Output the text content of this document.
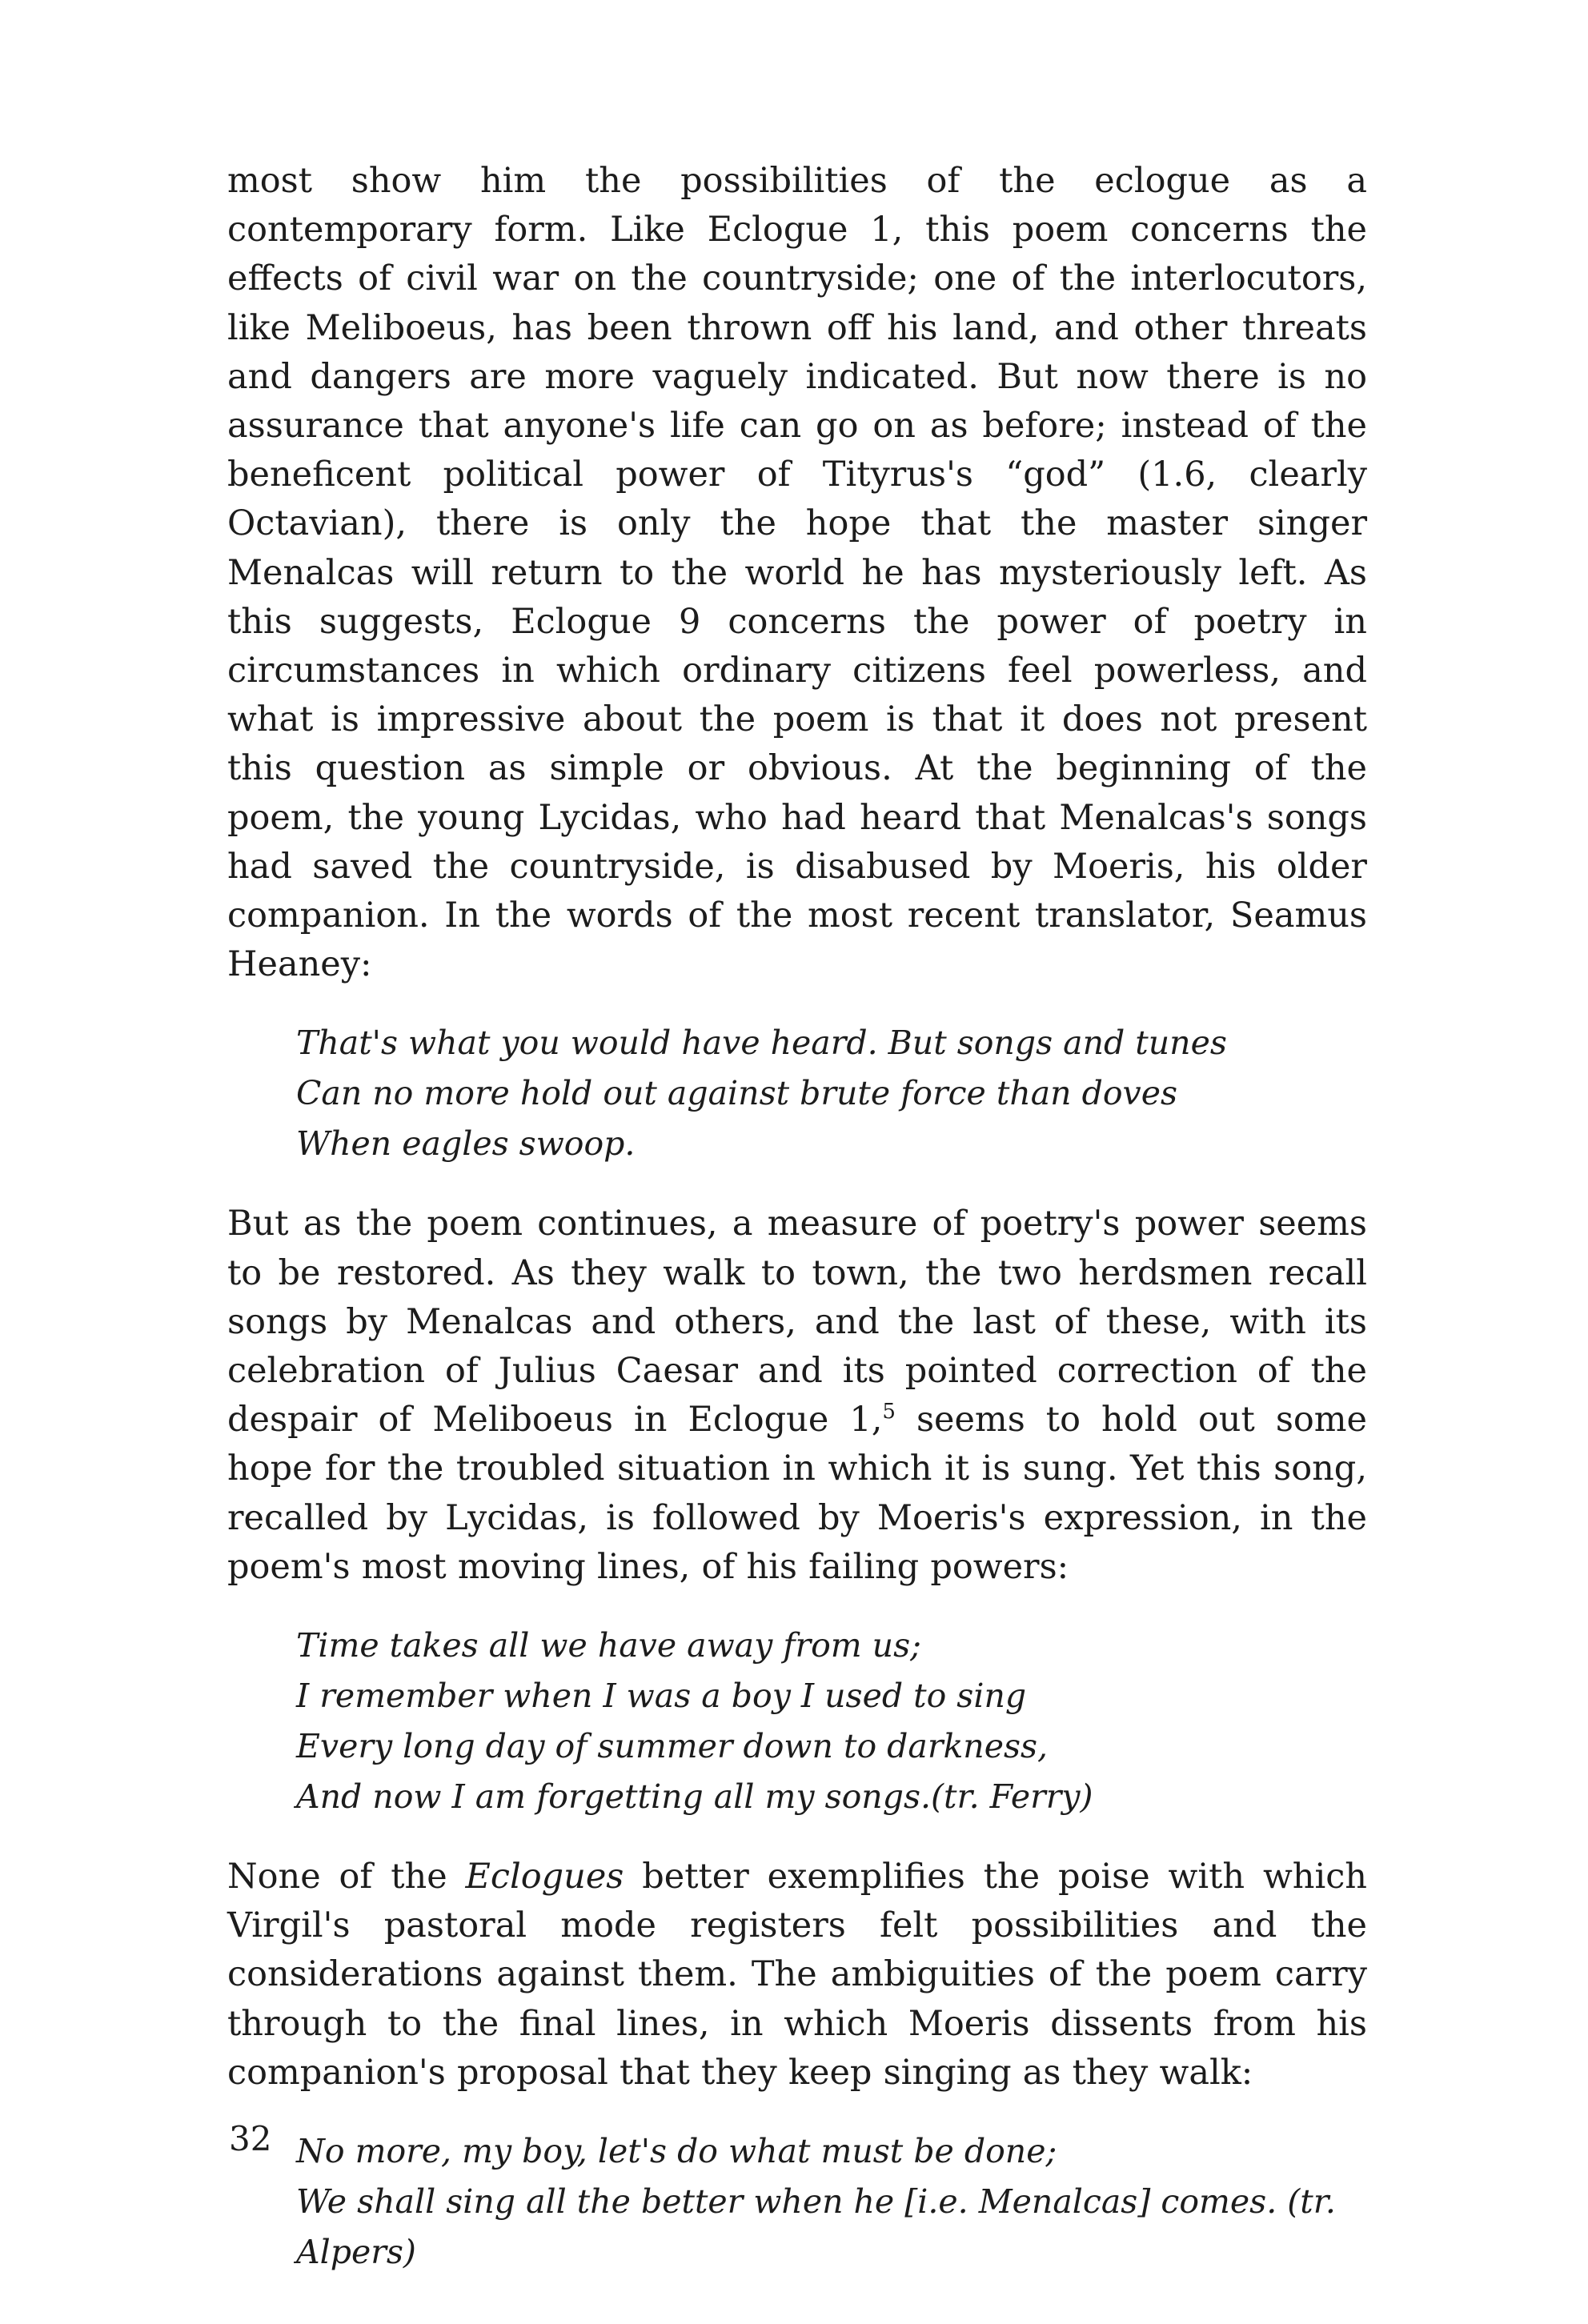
most show him the possibilities of the eclogue as a contemporary form. Like Eclogue 1, this poem concerns the effects of civil war on the countryside; one of the interlocutors, like Meliboeus, has been thrown off his land, and other threats and dangers are more vaguely indicated. But now there is no assurance that anyone's life can go on as before; instead of the beneficent political power of Tityrus's “god” (1.6, clearly Octavian), there is only the hope that the master singer Menalcas will return to the world he has mysteriously left. As this suggests, Eclogue 9 concerns the power of poetry in circumstances in which ordinary citizens feel powerless, and what is impressive about the poem is that it does not present this question as simple or obvious. At the beginning of the poem, the young Lycidas, who had heard that Menalcas's songs had saved the countryside, is disabused by Moeris, his older companion. In the words of the most recent translator, Seamus Heaney:

That's what you would have heard. But songs and tunes
Can no more hold out against brute force than doves
When eagles swoop.

But as the poem continues, a measure of poetry's power seems to be restored. As they walk to town, the two herdsmen recall songs by Menalcas and others, and the last of these, with its celebration of Julius Caesar and its pointed correction of the despair of Meliboeus in Eclogue 1,$^5$ seems to hold out some hope for the troubled situation in which it is sung. Yet this song, recalled by Lycidas, is followed by Moeris's expression, in the poem's most moving lines, of his failing powers:

Time takes all we have away from us;
I remember when I was a boy I used to sing
Every long day of summer down to darkness,
And now I am forgetting all my songs.(tr. Ferry)

None of the Eclogues better exemplifies the poise with which Virgil's pastoral mode registers felt possibilities and the considerations against them. The ambiguities of the poem carry through to the final lines, in which Moeris dissents from his companion's proposal that they keep singing as they walk:

No more, my boy, let's do what must be done;
We shall sing all the better when he [i.e. Menalcas] comes. (tr.
Alpers)
32
